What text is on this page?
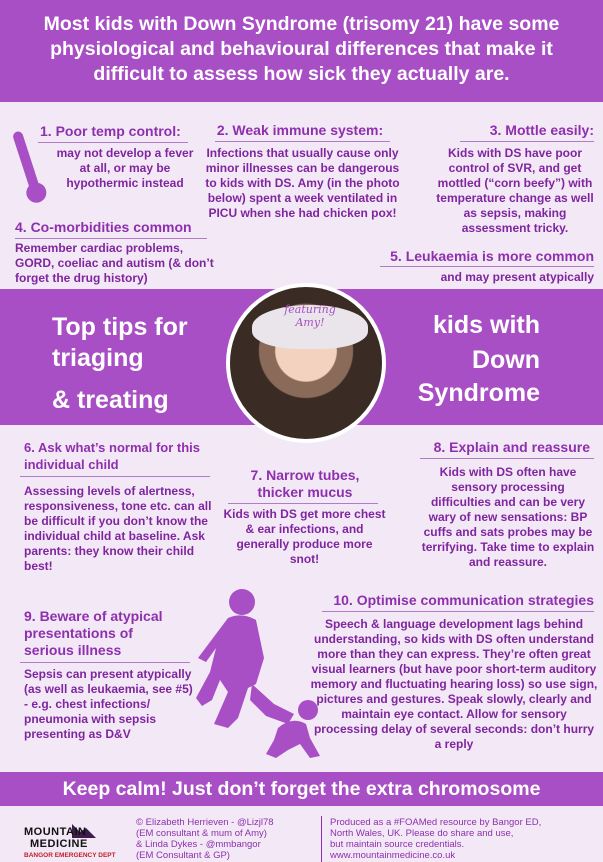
Most kids with Down Syndrome (trisomy 21) have some physiological and behavioural differences that make it difficult to assess how sick they actually are.
1. Poor temp control:
may not develop a fever at all, or may be hypothermic instead
2. Weak immune system:
Infections that usually cause only minor illnesses can be dangerous to kids with DS. Amy (in the photo below) spent a week ventilated in PICU when she had chicken pox!
3. Mottle easily:
Kids with DS have poor control of SVR, and get mottled (“corn beefy”) with temperature change as well as sepsis, making assessment tricky.
4. Co-morbidities common
Remember cardiac problems, GORD, coeliac and autism (& don’t forget the drug history)
5. Leukaemia is more common
and may present atypically
Top tips for
triaging
& treating
kids with
Down
Syndrome
featuring Amy!
6. Ask what’s normal for this individual child
Assessing levels of alertness, responsiveness, tone etc. can all be difficult if you don’t know the individual child at baseline. Ask parents: they know their child best!
7. Narrow tubes, thicker mucus
Kids with DS get more chest & ear infections, and generally produce more snot!
8. Explain and reassure
Kids with DS often have sensory processing difficulties and can be very wary of new sensations: BP cuffs and sats probes may be terrifying. Take time to explain and reassure.
9. Beware of atypical presentations of serious illness
Sepsis can present atypically (as well as leukaemia, see #5) - e.g. chest infections/ pneumonia with sepsis presenting as D&V
10. Optimise communication strategies
Speech & language development lags behind understanding, so kids with DS often understand more than they can express. They’re often great visual learners (but have poor short-term auditory memory and fluctuating hearing loss) so use sign, pictures and gestures. Speak slowly, clearly and maintain eye contact. Allow for sensory processing delay of several seconds: don’t hurry a reply
Keep calm! Just don’t forget the extra chromosome
MOUNTAIN
MEDICINE
BANGOR EMERGENCY DEPT
© Elizabeth Herrieven - @Lizjl78
(EM consultant & mum of Amy)
& Linda Dykes - @mmbangor
(EM Consultant & GP)
Produced as a #FOAMed resource by Bangor ED,
North Wales, UK. Please do share and use,
but maintain source credentials.
www.mountainmedicine.co.uk
